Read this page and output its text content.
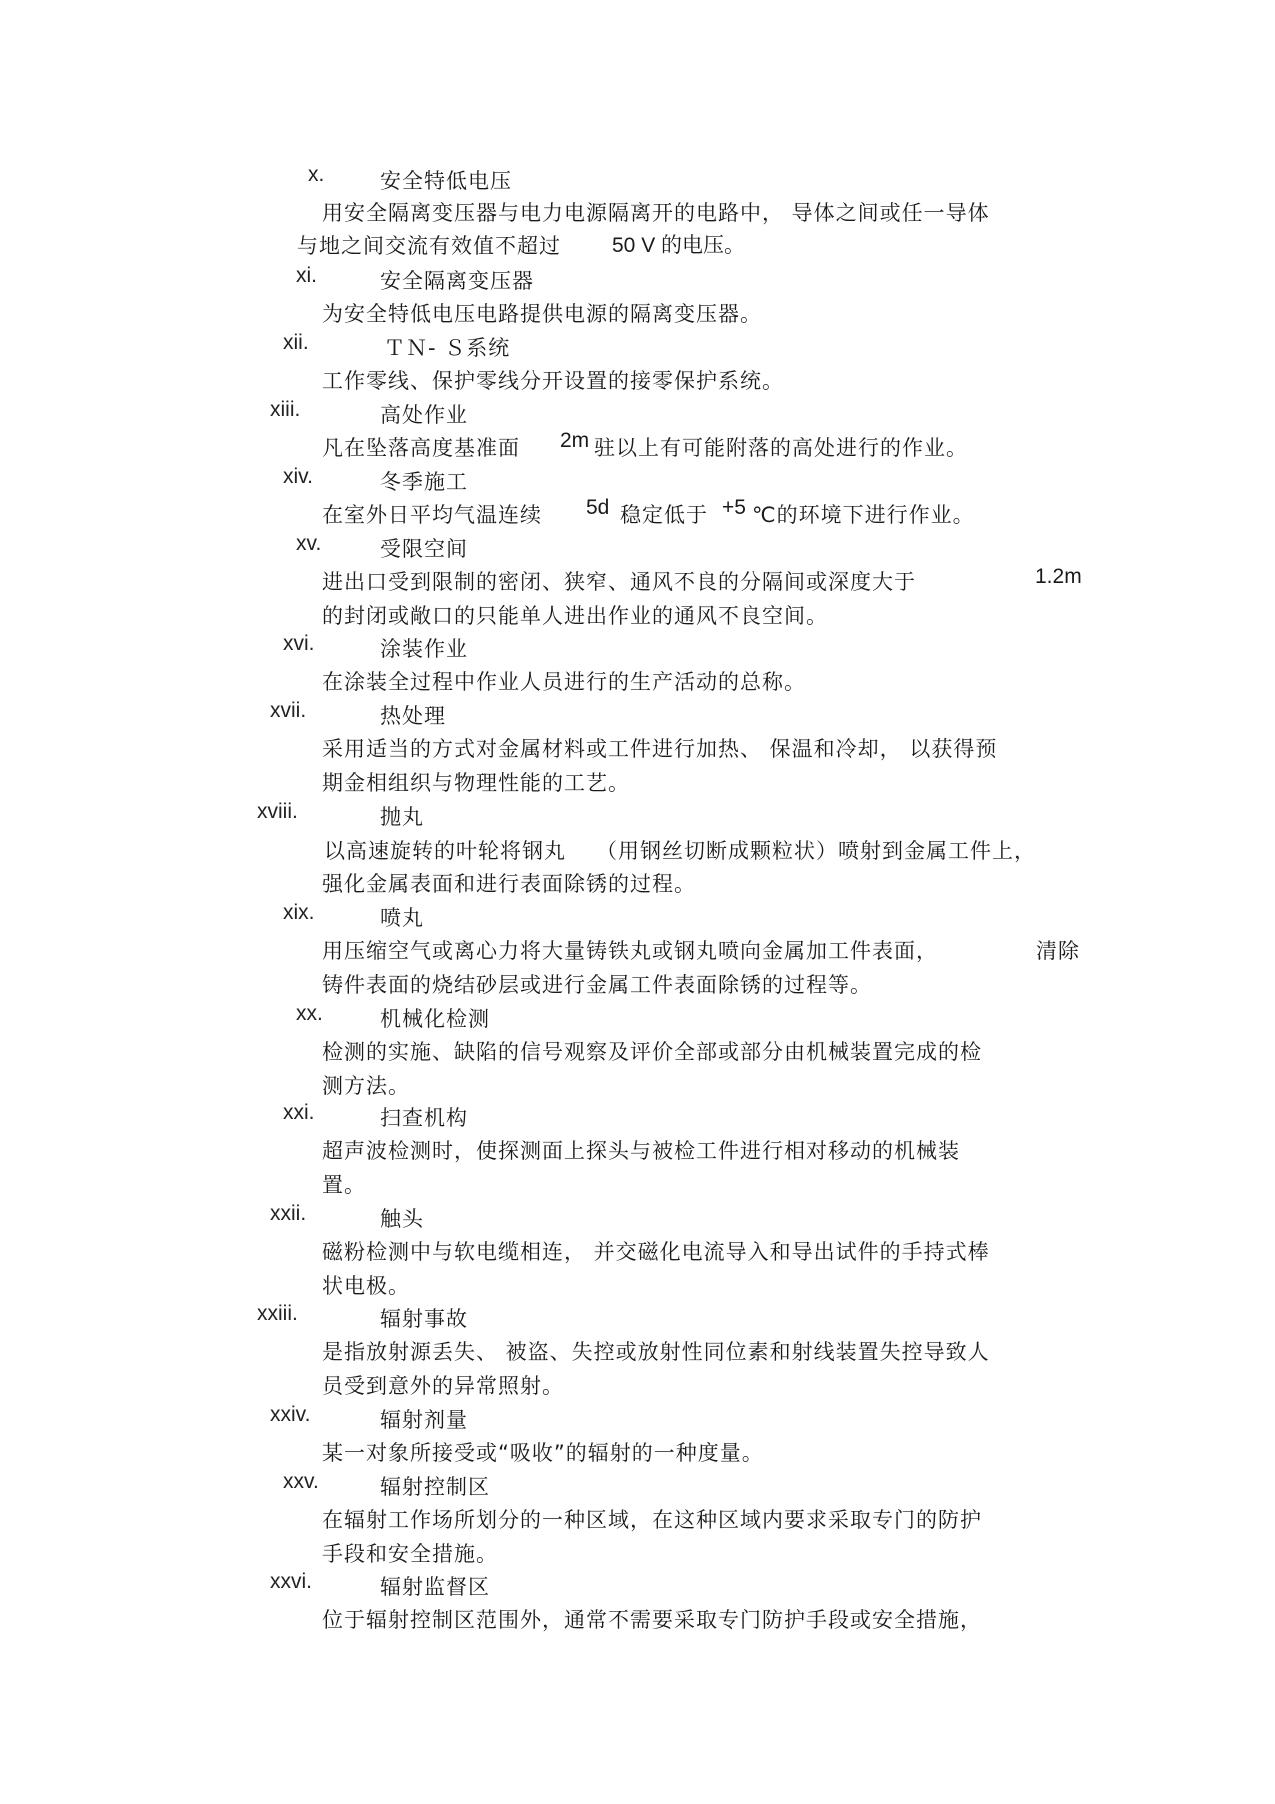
x.	安全特低电压
用安全隔离变压器与电力电源隔离开的电路中， 导体之间或任一导体
与地之间交流有效值不超过 50 V 的电压。
xi.	安全隔离变压器
为安全特低电压电路提供电源的隔离变压器。
xii.	ＴＮ- Ｓ系统
工作零线、保护零线分开设置的接零保护系统。
xiii.	高处作业
凡在坠落高度基准面 2m 驻以上有可能附落的高处进行的作业。
xiv.	冬季施工
在室外日平均气温连续 5d 稳定低于 +5 ℃的环境下进行作业。
xv.	受限空间
进出口受到限制的密闭、狭窄、通风不良的分隔间或深度大于	1.2m
的封闭或敞口的只能单人进出作业的通风不良空间。
xvi.	涂装作业
在涂装全过程中作业人员进行的生产活动的总称。
xvii.	热处理
采用适当的方式对金属材料或工件进行加热、 保温和冷却， 以获得预
期金相组织与物理性能的工艺。
xviii.	抛丸
以高速旋转的叶轮将钢丸 （用钢丝切断成颗粒状）喷射到金属工件上，
强化金属表面和进行表面除锈的过程。
xix.	喷丸
用压缩空气或离心力将大量铸铁丸或钢丸喷向金属加工件表面，	清除
铸件表面的烧结砂层或进行金属工件表面除锈的过程等。
xx.	机械化检测
检测的实施、缺陷的信号观察及评价全部或部分由机械装置完成的检
测方法。
xxi.	扫查机构
超声波检测时，使探测面上探头与被检工件进行相对移动的机械装
置。
xxii.	触头
磁粉检测中与软电缆相连， 并交磁化电流导入和导出试件的手持式棒
状电极。
xxiii.	辐射事故
是指放射源丢失、 被盗、失控或放射性同位素和射线装置失控导致人
员受到意外的异常照射。
xxiv.	辐射剂量
某一对象所接受或“吸收”的辐射的一种度量。
xxv.	辐射控制区
在辐射工作场所划分的一种区域，在这种区域内要求采取专门的防护
手段和安全措施。
xxvi.	辐射监督区
位于辐射控制区范围外，通常不需要采取专门防护手段或安全措施，
